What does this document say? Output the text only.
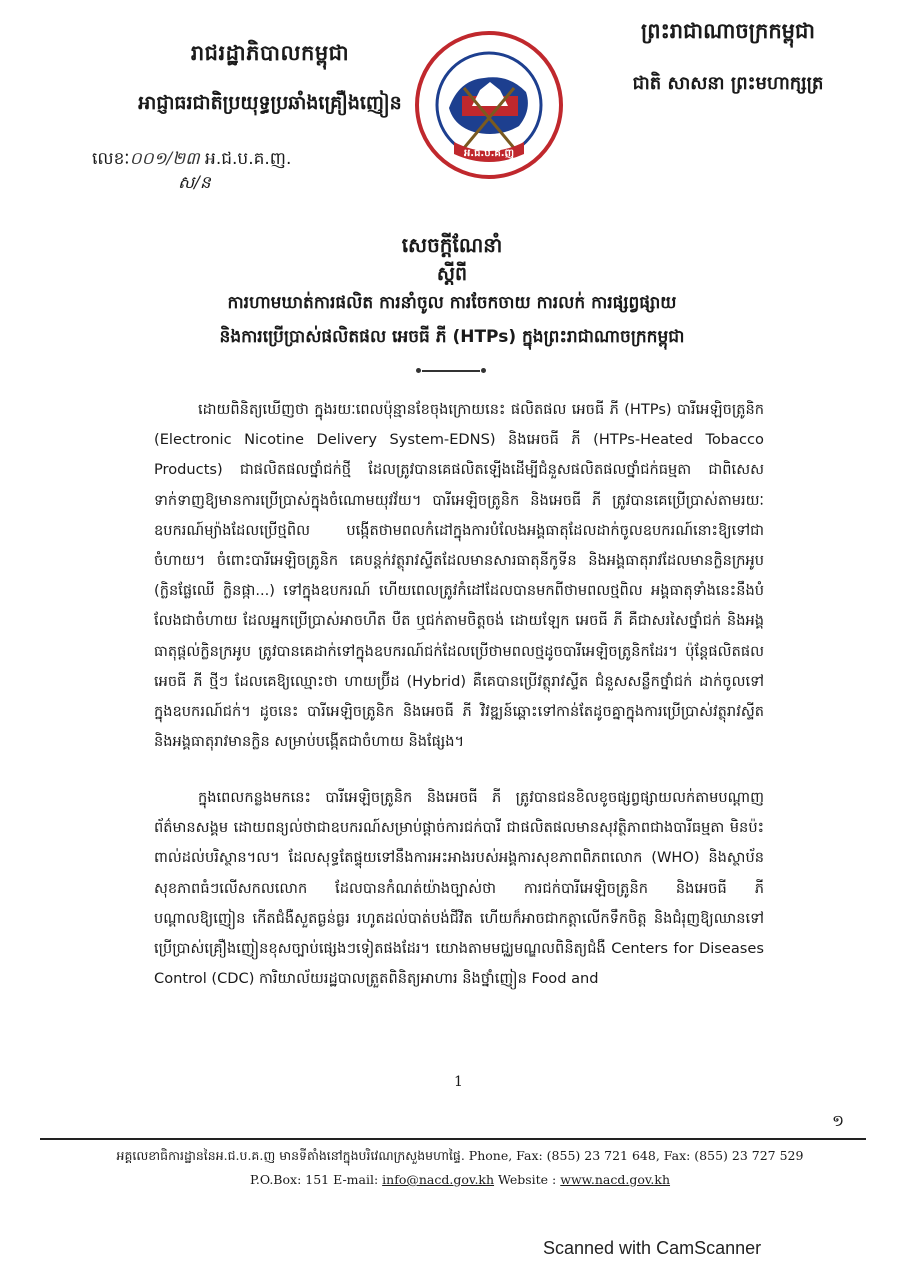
រាជរដ្ឋាភិបាលកម្ពុជា
អាជ្ញាធរជាតិប្រយុទ្ធប្រឆាំងគ្រឿងញៀន
លេខៈ០០១/២៣ អ.ជ.ប.គ.ញ.
ស/ន
អ.ជ.ប.គ.ញ
ព្រះរាជាណាចក្រកម្ពុជា
ជាតិ សាសនា ព្រះមហាក្សត្រ
សេចក្តីណែនាំ
ស្តីពី
ការហាមឃាត់ការផលិត ការនាំចូល ការចែកចាយ ការលក់ ការផ្សព្វផ្សាយ
និងការប្រើប្រាស់ផលិតផល អេចធី ភី (HTPs) ក្នុងព្រះរាជាណាចក្រកម្ពុជា
ដោយពិនិត្យឃើញថា ក្នុងរយៈពេលប៉ុន្មានខែចុងក្រោយនេះ ផលិតផល អេចធី ភី (HTPs) បារីអេឡិចត្រូនិក (Electronic Nicotine Delivery System-EDNS) និងអេចធី ភី (HTPs-Heated Tobacco Products) ជាផលិតផលថ្នាំជក់ថ្មី ដែលត្រូវបានគេផលិតឡើងដើម្បីជំនួសផលិតផលថ្នាំជក់ធម្មតា ជាពិសេសទាក់ទាញឱ្យមានការប្រើប្រាស់ក្នុងចំណោមយុវវ័យ។ បារីអេឡិចត្រូនិក និងអេចធី ភី ត្រូវបានគេប្រើប្រាស់តាមរយៈឧបករណ៍ម្យ៉ាងដែលប្រើថ្មពិល បង្កើតថាមពលកំដៅក្នុងការបំលែងអង្គធាតុដែលដាក់ចូលឧបករណ៍នោះឱ្យទៅជាចំហាយ។ ចំពោះបារីអេឡិចត្រូនិក គេបន្តក់វត្ថុរាវស្ទីតដែលមានសារធាតុនីកូទីន និងអង្គធាតុរាវដែលមានក្លិនក្រអូប (ក្លិនផ្លែឈើ ក្លិនផ្កា...) ទៅក្នុងឧបករណ៍ ហើយពេលត្រូវកំដៅដែលបានមកពីថាមពលថ្មពិល អង្គធាតុទាំងនេះនឹងបំលែងជាចំហាយ ដែលអ្នកប្រើប្រាស់អាចហឺត បឺត ឬជក់តាមចិត្តចង់ ដោយឡែក អេចធី ភី គឺជាសរសៃថ្នាំជក់ និងអង្គធាតុផ្តល់ក្លិនក្រអូប ត្រូវបានគេដាក់ទៅក្នុងឧបករណ៍ជក់ដែលប្រើថាមពលថ្មដូចបារីអេឡិចត្រូនិកដែរ។ ប៉ុន្តែផលិតផល អេចធី ភី ថ្មីៗ ដែលគេឱ្យឈ្មោះថា ហាយប្រ៊ីដ (Hybrid) គឺគេបានប្រើវត្ថុរាវស្ទីត ជំនួសសន្លឹកថ្នាំជក់ ដាក់ចូលទៅក្នុងឧបករណ៍ជក់។ ដូចនេះ បារីអេឡិចត្រូនិក និងអេចធី ភី វិវឌ្ឍន៍ឆ្ពោះទៅកាន់តែដូចគ្នាក្នុងការប្រើប្រាស់វត្ថុរាវស្ទីត និងអង្គធាតុរាវមានក្លិន សម្រាប់បង្កើតជាចំហាយ និងផ្សែង។
ក្នុងពេលកន្លងមកនេះ បារីអេឡិចត្រូនិក និងអេចធី ភី ត្រូវបានជនខិលខូចផ្សព្វផ្សាយលក់តាមបណ្តាញព័ត៌មានសង្គម ដោយពន្យល់ថាជាឧបករណ៍សម្រាប់ផ្តាច់ការជក់បារី ជាផលិតផលមានសុវត្ថិភាពជាងបារីធម្មតា មិនប៉ះពាល់ដល់បរិស្ថាន។ល។ ដែលសុទ្ធតែផ្ទុយទៅនឹងការអះអាងរបស់អង្គការសុខភាពពិភពលោក (WHO) និងស្ថាប័នសុខភាពធំៗលើសកលលោក ដែលបានកំណត់យ៉ាងច្បាស់ថា ការជក់បារីអេឡិចត្រូនិក និងអេចធី ភី បណ្តាលឱ្យញៀន កើតជំងឺសួតធ្ងន់ធ្ងរ រហូតដល់បាត់បង់ជីវិត ហើយក៏អាចជាកត្តាលើកទឹកចិត្ត និងជំរុញឱ្យឈានទៅប្រើប្រាស់គ្រឿងញៀនខុសច្បាប់ផ្សេងៗទៀតផងដែរ។ យោងតាមមជ្ឈមណ្ឌលពិនិត្យជំងឺ Centers for Diseases Control (CDC) ការិយាល័យរដ្ឋបាលត្រួតពិនិត្យអាហារ និងថ្នាំញៀន Food and
1
១
អគ្គលេខាធិការដ្ឋាននៃអ.ជ.ប.គ.ញ មានទីតាំងនៅក្នុងបរិវេណក្រសួងមហាផ្ទៃ. Phone, Fax: (855) 23 721 648, Fax: (855) 23 727 529
P.O.Box: 151 E-mail: info@nacd.gov.kh Website : www.nacd.gov.kh
Scanned with CamScanner
